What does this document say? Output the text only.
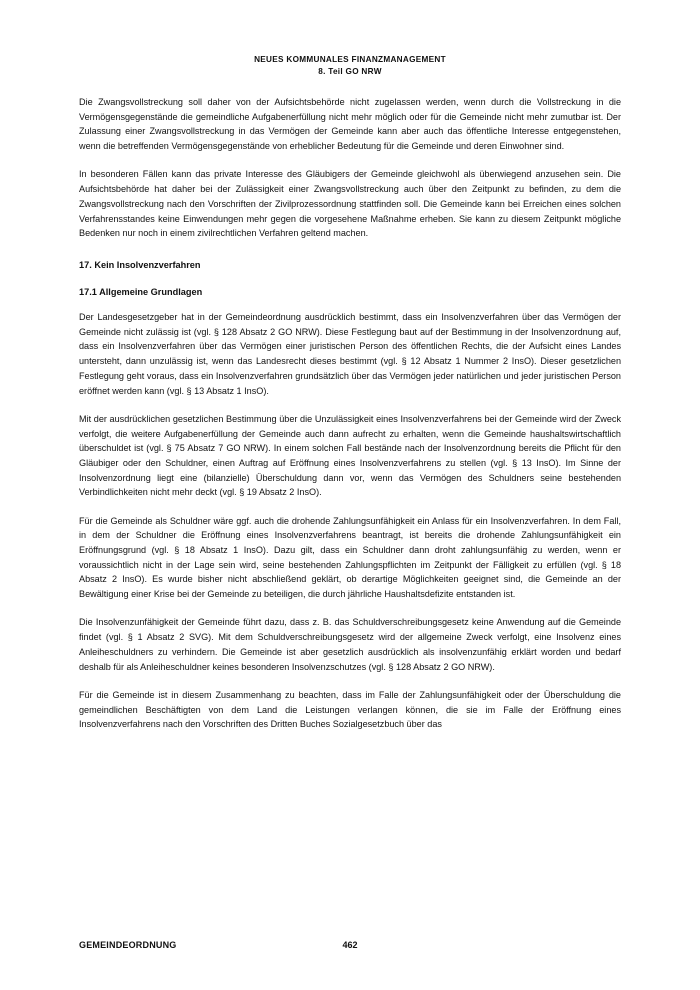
NEUES KOMMUNALES FINANZMANAGEMENT
8. Teil GO NRW

Die Zwangsvollstreckung soll daher von der Aufsichtsbehörde nicht zugelassen werden, wenn durch die Vollstreckung in die Vermögensgegenstände die gemeindliche Aufgabenerfüllung nicht mehr möglich oder für die Gemeinde nicht mehr zumutbar ist. Der Zulassung einer Zwangsvollstreckung in das Vermögen der Gemeinde kann aber auch das öffentliche Interesse entgegenstehen, wenn die betreffenden Vermögensgegenstände von erheblicher Bedeutung für die Gemeinde und deren Einwohner sind.

In besonderen Fällen kann das private Interesse des Gläubigers der Gemeinde gleichwohl als überwiegend anzusehen sein. Die Aufsichtsbehörde hat daher bei der Zulässigkeit einer Zwangsvollstreckung auch über den Zeitpunkt zu befinden, zu dem die Zwangsvollstreckung nach den Vorschriften der Zivilprozessordnung stattfinden soll. Die Gemeinde kann bei Erreichen eines solchen Verfahrensstandes keine Einwendungen mehr gegen die vorgesehene Maßnahme erheben. Sie kann zu diesem Zeitpunkt mögliche Bedenken nur noch in einem zivilrechtlichen Verfahren geltend machen.

17. Kein Insolvenzverfahren
17.1 Allgemeine Grundlagen

Der Landesgesetzgeber hat in der Gemeindeordnung ausdrücklich bestimmt, dass ein Insolvenzverfahren über das Vermögen der Gemeinde nicht zulässig ist (vgl. § 128 Absatz 2 GO NRW). Diese Festlegung baut auf der Bestimmung in der Insolvenzordnung auf, dass ein Insolvenzverfahren über das Vermögen einer juristischen Person des öffentlichen Rechts, die der Aufsicht eines Landes untersteht, dann unzulässig ist, wenn das Landesrecht dieses bestimmt (vgl. § 12 Absatz 1 Nummer 2 InsO). Dieser gesetzlichen Festlegung geht voraus, dass ein Insolvenzverfahren grundsätzlich über das Vermögen jeder natürlichen und jeder juristischen Person eröffnet werden kann (vgl. § 13 Absatz 1 InsO).

Mit der ausdrücklichen gesetzlichen Bestimmung über die Unzulässigkeit eines Insolvenzverfahrens bei der Gemeinde wird der Zweck verfolgt, die weitere Aufgabenerfüllung der Gemeinde auch dann aufrecht zu erhalten, wenn die Gemeinde haushaltswirtschaftlich überschuldet ist (vgl. § 75 Absatz 7 GO NRW). In einem solchen Fall bestände nach der Insolvenzordnung bereits die Pflicht für den Gläubiger oder den Schuldner, einen Auftrag auf Eröffnung eines Insolvenzverfahrens zu stellen (vgl. § 13 InsO). Im Sinne der Insolvenzordnung liegt eine (bilanzielle) Überschuldung dann vor, wenn das Vermögen des Schuldners seine bestehenden Verbindlichkeiten nicht mehr deckt (vgl. § 19 Absatz 2 InsO).

Für die Gemeinde als Schuldner wäre ggf. auch die drohende Zahlungsunfähigkeit ein Anlass für ein Insolvenzverfahren. In dem Fall, in dem der Schuldner die Eröffnung eines Insolvenzverfahrens beantragt, ist bereits die drohende Zahlungsunfähigkeit ein Eröffnungsgrund (vgl. § 18 Absatz 1 InsO). Dazu gilt, dass ein Schuldner dann droht zahlungsunfähig zu werden, wenn er voraussichtlich nicht in der Lage sein wird, seine bestehenden Zahlungspflichten im Zeitpunkt der Fälligkeit zu erfüllen (vgl. § 18 Absatz 2 InsO). Es wurde bisher nicht abschließend geklärt, ob derartige Möglichkeiten geeignet sind, die Gemeinde an der Bewältigung einer Krise bei der Gemeinde zu beteiligen, die durch jährliche Haushaltsdefizite entstanden ist.

Die Insolvenzunfähigkeit der Gemeinde führt dazu, dass z. B. das Schuldverschreibungsgesetz keine Anwendung auf die Gemeinde findet (vgl. § 1 Absatz 2 SVG). Mit dem Schuldverschreibungsgesetz wird der allgemeine Zweck verfolgt, eine Insolvenz eines Anleiheschuldners zu verhindern. Die Gemeinde ist aber gesetzlich ausdrücklich als insolvenzunfähig erklärt worden und bedarf deshalb für als Anleiheschuldner keines besonderen Insolvenzschutzes (vgl. § 128 Absatz 2 GO NRW).

Für die Gemeinde ist in diesem Zusammenhang zu beachten, dass im Falle der Zahlungsunfähigkeit oder der Überschuldung die gemeindlichen Beschäftigten von dem Land die Leistungen verlangen können, die sie im Falle der Eröffnung eines Insolvenzverfahrens nach den Vorschriften des Dritten Buches Sozialgesetzbuch über das

GEMEINDEORDNUNG	462
